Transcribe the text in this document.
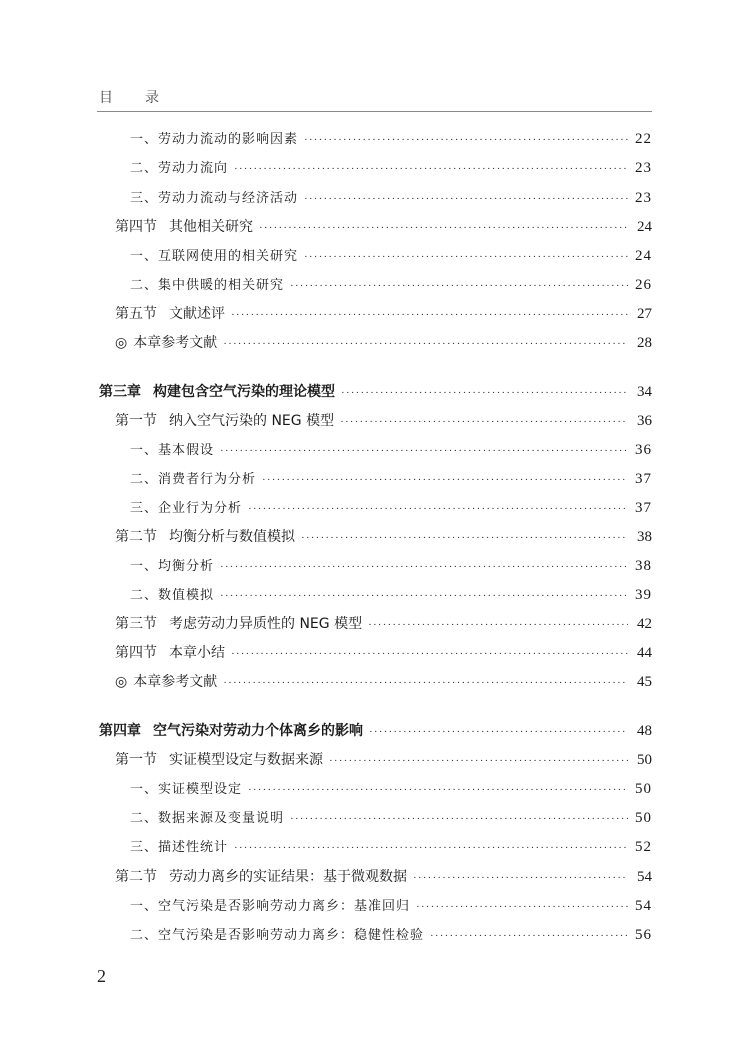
目 录
一、劳动力流动的影响因素 ·····	22
二、劳动力流向 ·····	23
三、劳动力流动与经济活动 ·····	23
第四节 其他相关研究 ·····	24
一、互联网使用的相关研究 ·····	24
二、集中供暖的相关研究 ·····	26
第五节 文献述评 ·····	27
◎ 本章参考文献 ·····	28
第三章 构建包含空气污染的理论模型 ·····	34
第一节 纳入空气污染的 NEG 模型 ·····	36
一、基本假设 ·····	36
二、消费者行为分析 ·····	37
三、企业行为分析 ·····	37
第二节 均衡分析与数值模拟 ·····	38
一、均衡分析 ·····	38
二、数值模拟 ·····	39
第三节 考虑劳动力异质性的 NEG 模型 ·····	42
第四节 本章小结 ·····	44
◎ 本章参考文献 ·····	45
第四章 空气污染对劳动力个体离乡的影响 ·····	48
第一节 实证模型设定与数据来源 ·····	50
一、实证模型设定 ·····	50
二、数据来源及变量说明 ·····	50
三、描述性统计 ·····	52
第二节 劳动力离乡的实证结果：基于微观数据 ·····	54
一、空气污染是否影响劳动力离乡：基准回归 ·····	54
二、空气污染是否影响劳动力离乡：稳健性检验 ·····	56
2
